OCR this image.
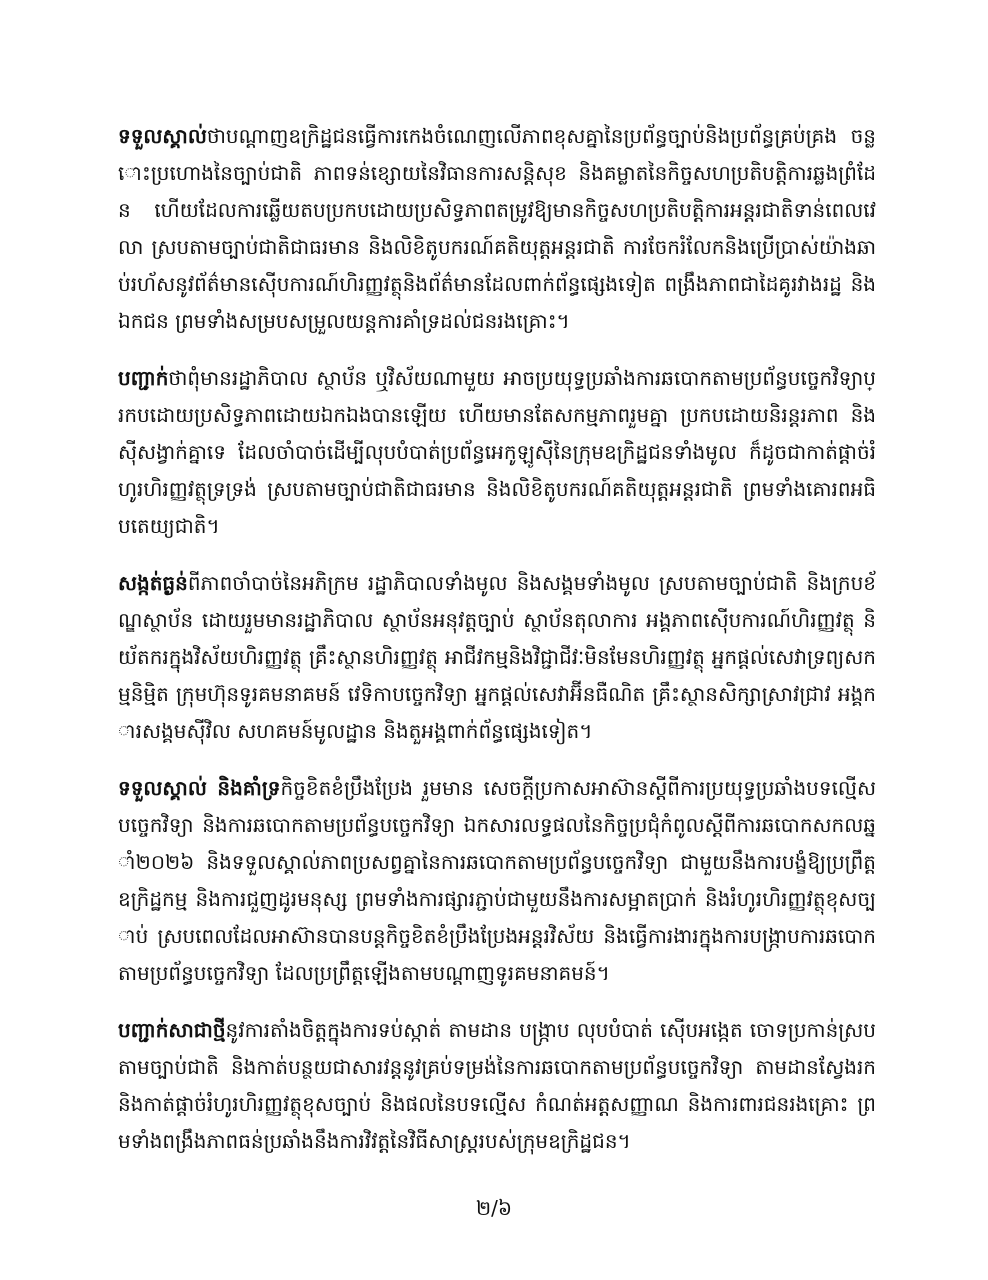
ទទួលស្គាល់ថាបណ្ដាញឧក្រិដ្ឋជនធ្វើការកេងចំណេញលើភាពខុសគ្នានៃប្រព័ន្ធច្បាប់និងប្រព័ន្ធគ្រប់គ្រង ចន្លោះប្រហោងនៃច្បាប់ជាតិ ភាពទន់ខ្សោយនៃវិធានការសន្តិសុខ និងគម្លាតនៃកិច្ចសហប្រតិបត្តិការឆ្លងព្រំដែន ហើយដែលការឆ្លើយតបប្រកបដោយប្រសិទ្ធភាពតម្រូវឱ្យមានកិច្ចសហប្រតិបត្តិការអន្តរជាតិទាន់ពេលវេលា ស្របតាមច្បាប់ជាតិជាធរមាន និងលិខិតូបករណ៍គតិយុត្តអន្តរជាតិ ការចែករំលែកនិងប្រើប្រាស់យ៉ាងឆាប់រហ័សនូវព័ត៌មានស៊ើបការណ៍ហិរញ្ញវត្ថុនិងព័ត៌មានដែលពាក់ព័ន្ធផ្សេងទៀត ពង្រឹងភាពជាដៃគូរវាងរដ្ឋ និងឯកជន ព្រមទាំងសម្របសម្រួលយន្តការគាំទ្រដល់ជនរងគ្រោះ។

បញ្ជាក់ថាពុំមានរដ្ឋាភិបាល ស្ថាប័ន ឬវិស័យណាមួយ អាចប្រយុទ្ធប្រឆាំងការឆបោកតាមប្រព័ន្ធបច្ចេកវិទ្យាប្រកបដោយប្រសិទ្ធភាពដោយឯកឯងបានឡើយ ហើយមានតែសកម្មភាពរួមគ្នា ប្រកបដោយនិរន្តរភាព និងស៊ីសង្វាក់គ្នាទេ ដែលចាំបាច់ដើម្បីលុបបំបាត់ប្រព័ន្ធអេកូឡូស៊ីនៃក្រុមឧក្រិដ្ឋជនទាំងមូល ក៏ដូចជាកាត់ផ្ដាច់រំហូរហិរញ្ញវត្ថុទ្រទ្រង់ ស្របតាមច្បាប់ជាតិជាធរមាន និងលិខិតូបករណ៍គតិយុត្តអន្តរជាតិ ព្រមទាំងគោរពអធិបតេយ្យជាតិ។

សង្កត់ធ្ងន់ពីភាពចាំបាច់នៃអភិក្រម រដ្ឋាភិបាលទាំងមូល និងសង្គមទាំងមូល ស្របតាមច្បាប់ជាតិ និងក្របខ័ណ្ឌស្ថាប័ន ដោយរួមមានរដ្ឋាភិបាល ស្ថាប័នអនុវត្តច្បាប់ ស្ថាប័នតុលាការ អង្គភាពស៊ើបការណ៍ហិរញ្ញវត្ថុ និយ័តករក្នុងវិស័យហិរញ្ញវត្ថុ គ្រឹះស្ថានហិរញ្ញវត្ថុ អាជីវកម្មនិងវិជ្ជាជីវៈមិនមែនហិរញ្ញវត្ថុ អ្នកផ្ដល់សេវាទ្រព្យសកម្មនិម្មិត ក្រុមហ៊ុនទូរគមនាគមន៍ វេទិកាបច្ចេកវិទ្យា អ្នកផ្ដល់សេវាអ៊ីនធឺណិត គ្រឹះស្ថានសិក្សាស្រាវជ្រាវ អង្គការសង្គមស៊ីវិល សហគមន៍មូលដ្ឋាន និងតួអង្គពាក់ព័ន្ធផ្សេងទៀត។

ទទួលស្គាល់ និងគាំទ្រកិច្ចខិតខំប្រឹងប្រែង រួមមាន សេចក្ដីប្រកាសអាស៊ានស្ដីពីការប្រយុទ្ធប្រឆាំងបទល្មើសបច្ចេកវិទ្យា និងការឆបោកតាមប្រព័ន្ធបច្ចេកវិទ្យា ឯកសារលទ្ធផលនៃកិច្ចប្រជុំកំពូលស្ដីពីការឆបោកសកលឆ្នាំ២០២៦ និងទទួលស្គាល់ភាពប្រសព្វគ្នានៃការឆបោកតាមប្រព័ន្ធបច្ចេកវិទ្យា ជាមួយនឹងការបង្ខំឱ្យប្រព្រឹត្តឧក្រិដ្ឋកម្ម និងការជួញដូរមនុស្ស ព្រមទាំងការផ្សារភ្ជាប់ជាមួយនឹងការសម្អាតប្រាក់ និងរំហូរហិរញ្ញវត្ថុខុសច្បាប់ ស្របពេលដែលអាស៊ានបានបន្តកិច្ចខិតខំប្រឹងប្រែងអន្តរវិស័យ និងធ្វើការងារក្នុងការបង្ក្រាបការឆបោកតាមប្រព័ន្ធបច្ចេកវិទ្យា ដែលប្រព្រឹត្តឡើងតាមបណ្ដាញទូរគមនាគមន៍។

បញ្ជាក់សាជាថ្មីនូវការតាំងចិត្តក្នុងការទប់ស្កាត់ តាមដាន បង្ក្រាប លុបបំបាត់ ស៊ើបអង្កេត ចោទប្រកាន់ស្របតាមច្បាប់ជាតិ និងកាត់បន្ថយជាសារវន្តនូវគ្រប់ទម្រង់នៃការឆបោកតាមប្រព័ន្ធបច្ចេកវិទ្យា តាមដានស្វែងរក និងកាត់ផ្ដាច់រំហូរហិរញ្ញវត្ថុខុសច្បាប់ និងផលនៃបទល្មើស កំណត់អត្តសញ្ញាណ និងការពារជនរងគ្រោះ ព្រមទាំងពង្រឹងភាពធន់ប្រឆាំងនឹងការវិវត្តនៃវិធីសាស្ត្ររបស់ក្រុមឧក្រិដ្ឋជន។

២/៦
